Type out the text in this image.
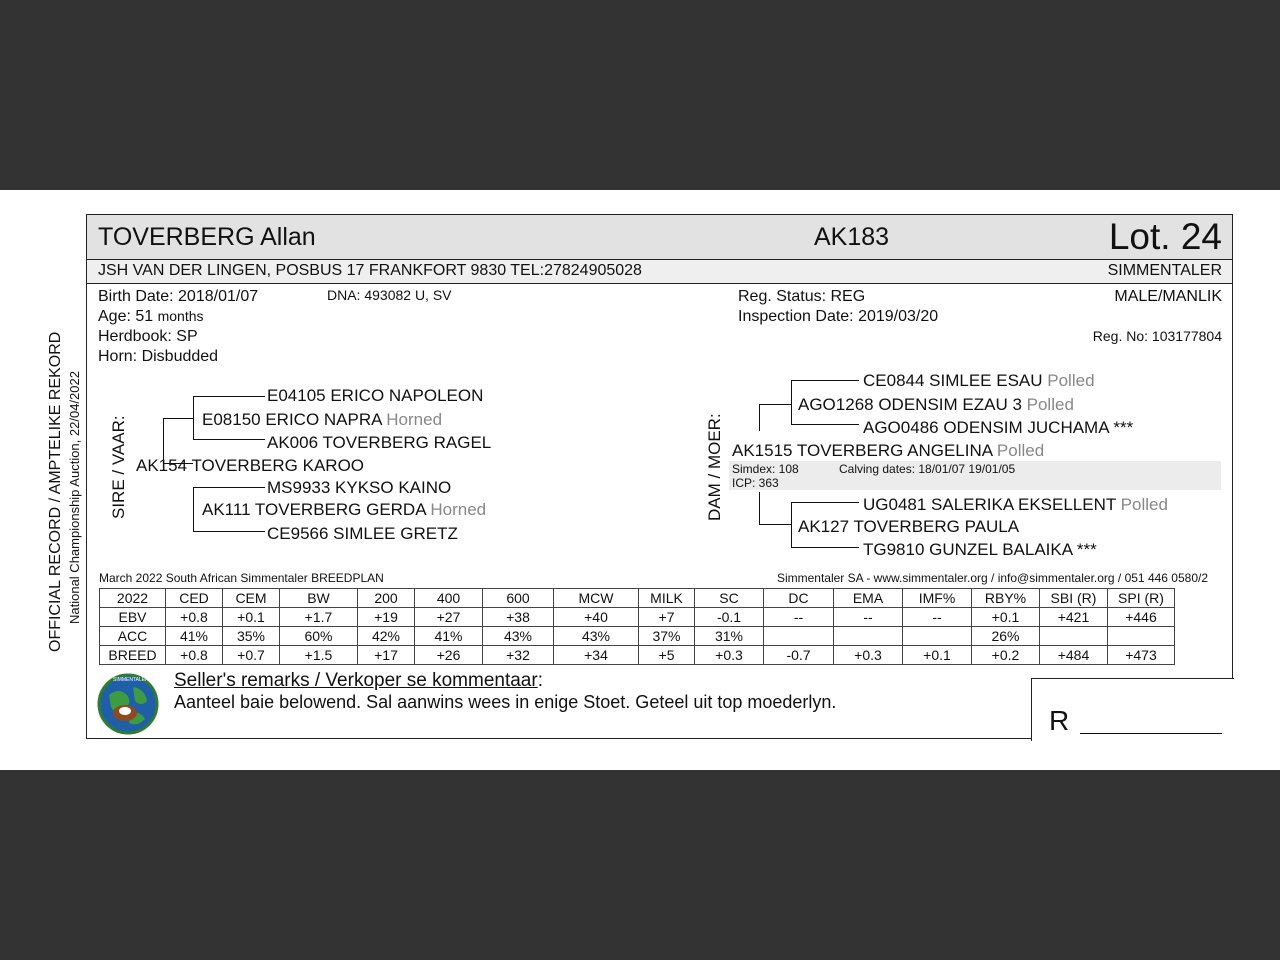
OFFICIAL RECORD / AMPTELIKE REKORD National Championship Auction, 22/04/2022
TOVERBERG Allan	AK183	Lot. 24
JSH VAN DER LINGEN, POSBUS 17 FRANKFORT 9830 TEL:27824905028	SIMMENTALER
Birth Date: 2018/01/07	DNA: 493082 U, SV
Age: 51 months
Herdbook: SP
Horn: Disbudded
Reg. Status: REG
Inspection Date: 2019/03/20
MALE/MANLIK
Reg. No: 103177804
SIRE / VAAR:
E04105 ERICO NAPOLEON
E08150 ERICO NAPRA Horned
AK006 TOVERBERG RAGEL
AK154 TOVERBERG KAROO
MS9933 KYKSO KAINO
AK111 TOVERBERG GERDA Horned
CE9566 SIMLEE GRETZ
DAM / MOER:
CE0844 SIMLEE ESAU Polled
AGO1268 ODENSIM EZAU 3 Polled
AGO0486 ODENSIM JUCHAMA ***
AK1515 TOVERBERG ANGELINA Polled
Simdex: 108	Calving dates: 18/01/07 19/01/05
ICP: 363
UG0481 SALERIKA EKSELLENT Polled
AK127 TOVERBERG PAULA
TG9810 GUNZEL BALAIKA ***
March 2022 South African Simmentaler BREEDPLAN	Simmentaler SA - www.simmentaler.org / info@simmentaler.org / 051 446 0580/2
2022	CED	CEM	BW	200	400	600	MCW	MILK	SC	DC	EMA	IMF%	RBY%	SBI (R)	SPI (R)
EBV	+0.8	+0.1	+1.7	+19	+27	+38	+40	+7	-0.1	--	--	--	+0.1	+421	+446
ACC	41%	35%	60%	42%	41%	43%	43%	37%	31%				26%		
BREED	+0.8	+0.7	+1.5	+17	+26	+32	+34	+5	+0.3	-0.7	+0.3	+0.1	+0.2	+484	+473
SIMMENTALER Seller's remarks / Verkoper se kommentaar:
Aanteel baie belowend. Sal aanwins wees in enige Stoet. Geteel uit top moederlyn.
R
